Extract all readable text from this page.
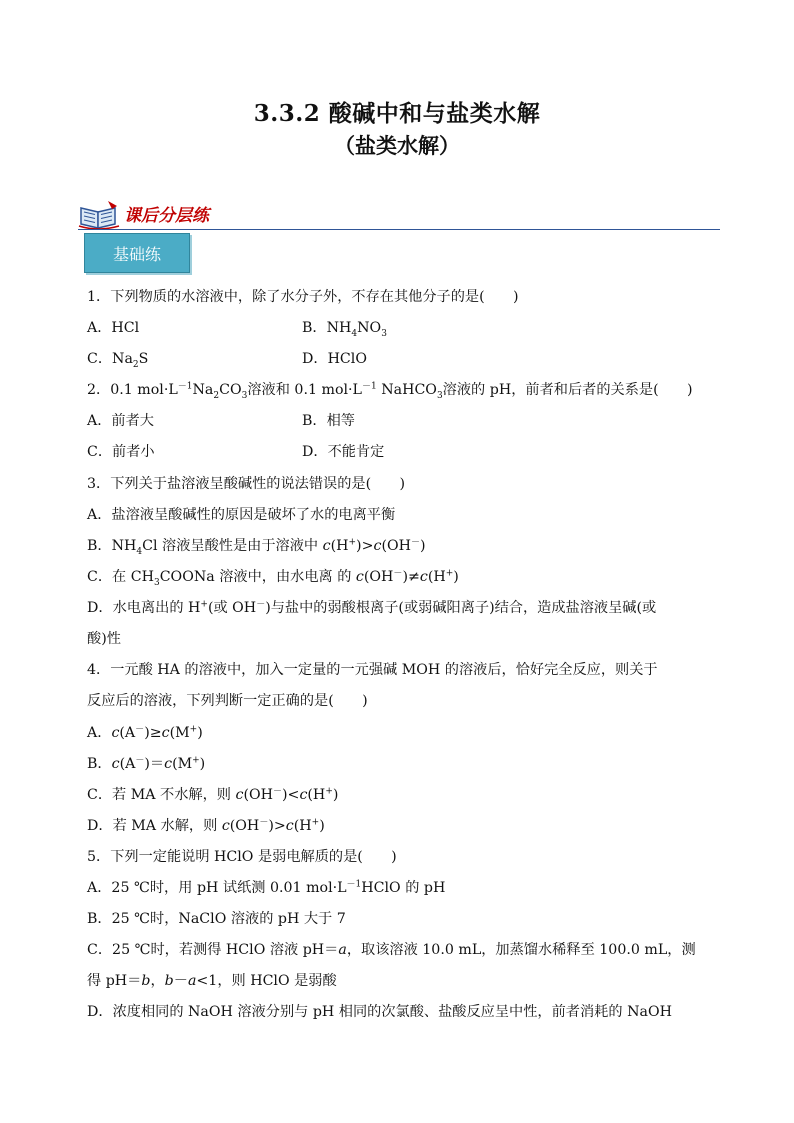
3.3.2 酸碱中和与盐类水解
（盐类水解）
课后分层练
基础练
1．下列物质的水溶液中，除了水分子外，不存在其他分子的是(　　)
A．HCl	B．$NH_4NO_3$
C．$Na_2S$	D．HClO
2．0.1 $mol\cdot L^{-1}Na_2CO_3$溶液和 0.1 $mol\cdot L^{-1}$ NaHCO$_3$溶液的 pH，前者和后者的关系是(　　)
A．前者大	B．相等
C．前者小	D．不能肯定
3．下列关于盐溶液呈酸碱性的说法错误的是(　　)
A．盐溶液呈酸碱性的原因是破坏了水的电离平衡
B．$NH_4Cl$ 溶液呈酸性是由于溶液中 c(H+)>c(OH－)
C．在 $CH_3COONa$ 溶液中，由水电离 的 c(OH－)≠c(H+)
D．水电离出的 H+(或 OH－)与盐中的弱酸根离子(或弱碱阳离子)结合，造成盐溶液呈碱(或
酸)性
4．一元酸 HA 的溶液中，加入一定量的一元强碱 MOH 的溶液后，恰好完全反应，则关于
反应后的溶液，下列判断一定正确的是(　　)
A．c(A－)≥c(M+)
B．c(A－)＝c(M+)
C．若 MA 不水解，则 c(OH－)<c(H+)
D．若 MA 水解，则 c(OH－)>c(H+)
5．下列一定能说明 HClO 是弱电解质的是(　　)
A．25 ℃时，用 pH 试纸测 0.01 $mol\cdot L^{-1}HClO$ 的 pH
B．25 ℃时，NaClO 溶液的 pH 大于 7
C．25 ℃时，若测得 HClO 溶液 pH＝a，取该溶液 10.0 mL，加蒸馏水稀释至 100.0 mL，测
得 pH＝b，b－a<1，则 HClO 是弱酸
D．浓度相同的 NaOH 溶液分别与 pH 相同的次氯酸、盐酸反应呈中性，前者消耗的 NaOH
